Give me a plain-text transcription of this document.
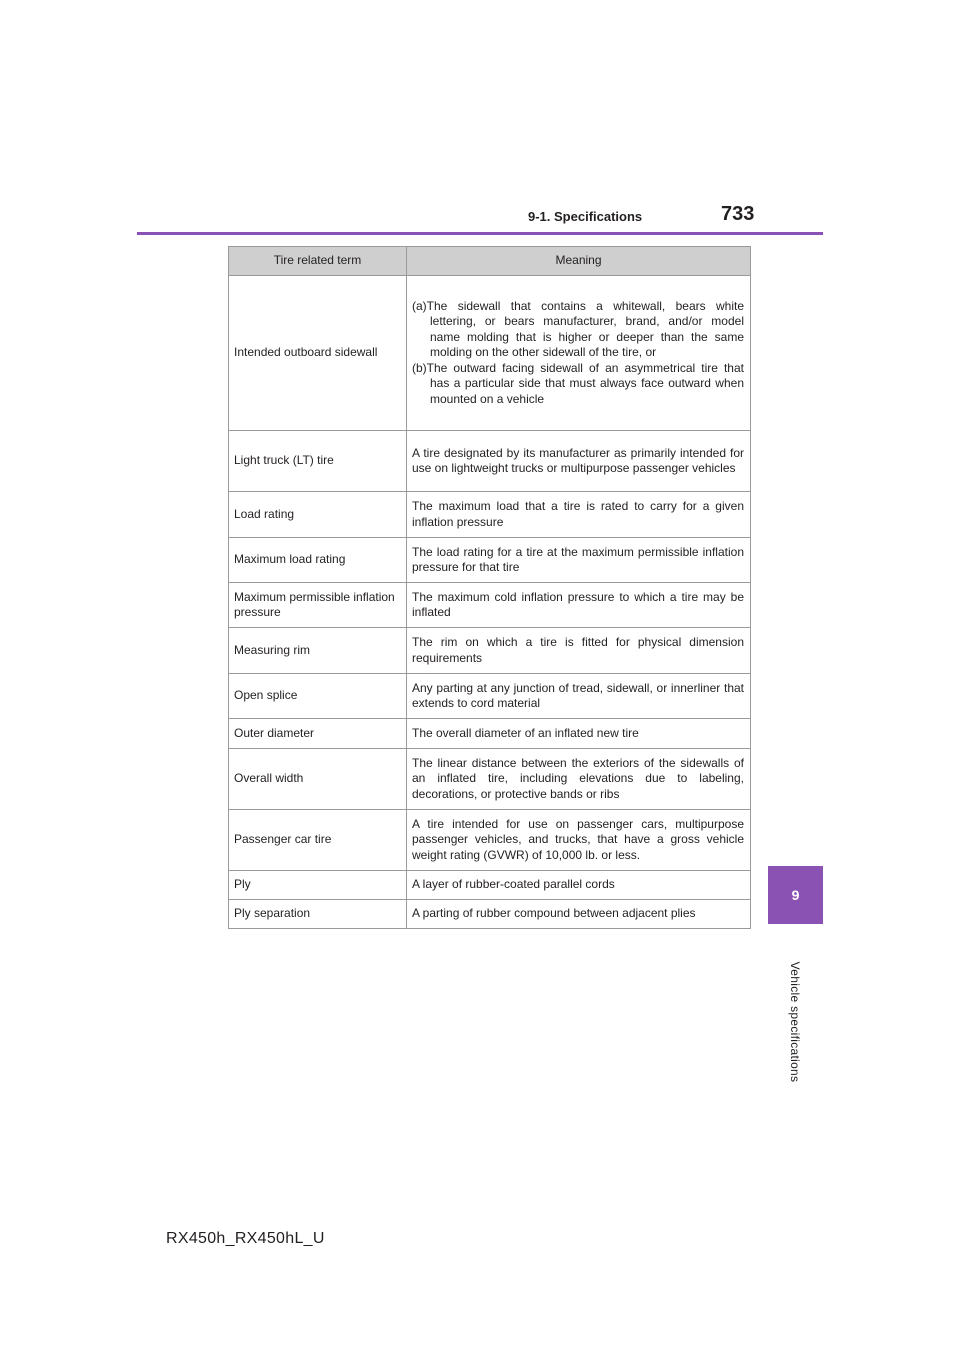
9-1. Specifications	733
9
Vehicle specifications
Tire related term	Meaning
Intended outboard sidewall	(a)The sidewall that contains a whitewall, bears white lettering, or bears manufacturer, brand, and/or model name molding that is higher or deeper than the same molding on the other sidewall of the tire, or
(b)The outward facing sidewall of an asymmetrical tire that has a particular side that must always face outward when mounted on a vehicle

Light truck (LT) tire	A tire designated by its manufacturer as primarily intended for use on lightweight trucks or multipurpose passenger vehicles
Load rating	The maximum load that a tire is rated to carry for a given inflation pressure
Maximum load rating	The load rating for a tire at the maximum permissible inflation pressure for that tire
Maximum permissible inflation pressure	The maximum cold inflation pressure to which a tire may be inflated
Measuring rim	The rim on which a tire is fitted for physical dimension requirements
Open splice	Any parting at any junction of tread, sidewall, or innerliner that extends to cord material
Outer diameter	The overall diameter of an inflated new tire
Overall width	The linear distance between the exteriors of the sidewalls of an inflated tire, including elevations due to labeling, decorations, or protective bands or ribs
Passenger car tire	A tire intended for use on passenger cars, multipurpose passenger vehicles, and trucks, that have a gross vehicle weight rating (GVWR) of 10,000 lb. or less.
Ply	A layer of rubber-coated parallel cords
Ply separation	A parting of rubber compound between adjacent plies
RX450h_RX450hL_U
